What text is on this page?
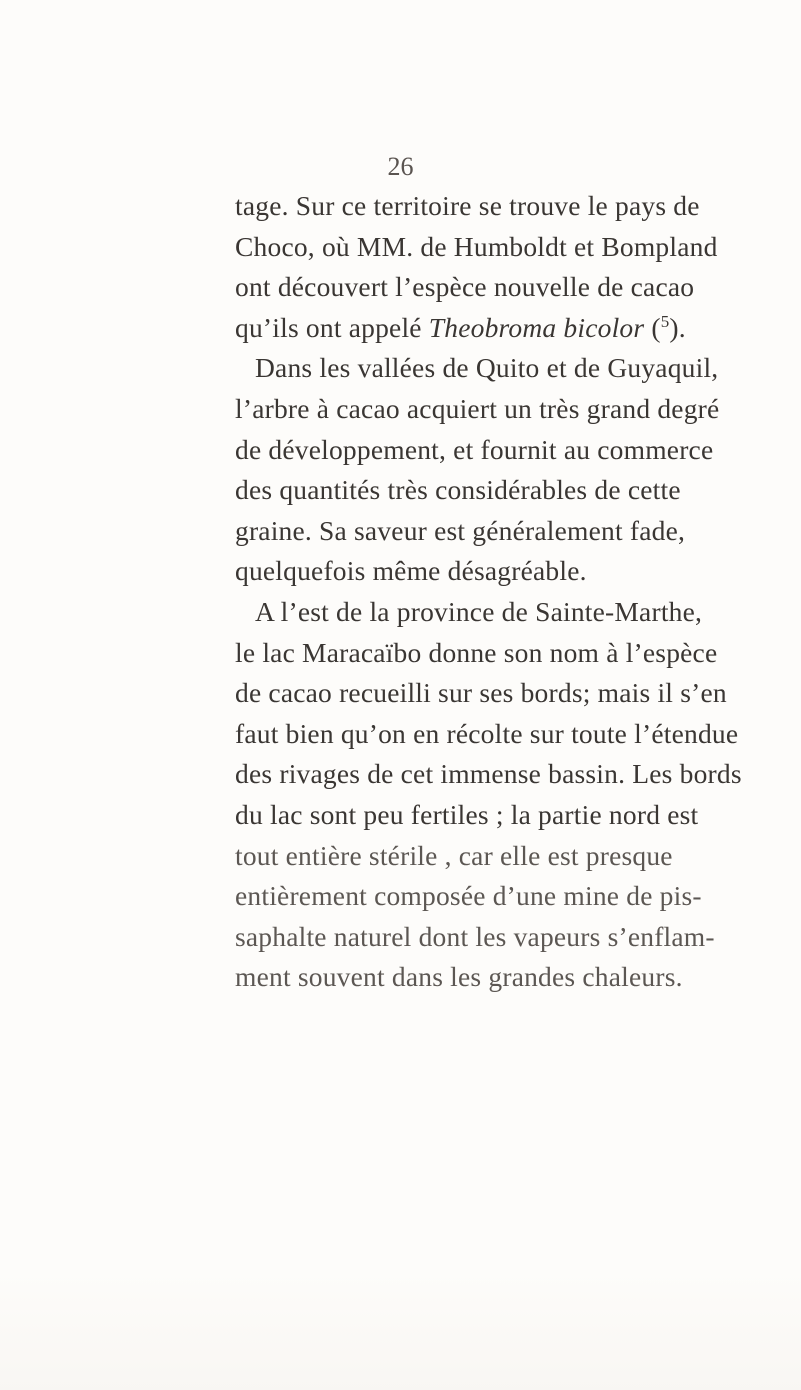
26
tage. Sur ce territoire se trouve le pays de
Choco, où MM. de Humboldt et Bompland
ont découvert l’espèce nouvelle de cacao
qu’ils ont appelé Theobroma bicolor ($^5$).
Dans les vallées de Quito et de Guyaquil,
l’arbre à cacao acquiert un très grand degré
de développement, et fournit au commerce
des quantités très considérables de cette
graine. Sa saveur est généralement fade,
quelquefois même désagréable.
A l’est de la province de Sainte-Marthe,
le lac Maracaïbo donne son nom à l’espèce
de cacao recueilli sur ses bords; mais il s’en
faut bien qu’on en récolte sur toute l’étendue
des rivages de cet immense bassin. Les bords
du lac sont peu fertiles ; la partie nord est
tout entière stérile , car elle est presque
entièrement composée d’une mine de pis-
saphalte naturel dont les vapeurs s’enflam-
ment souvent dans les grandes chaleurs.
